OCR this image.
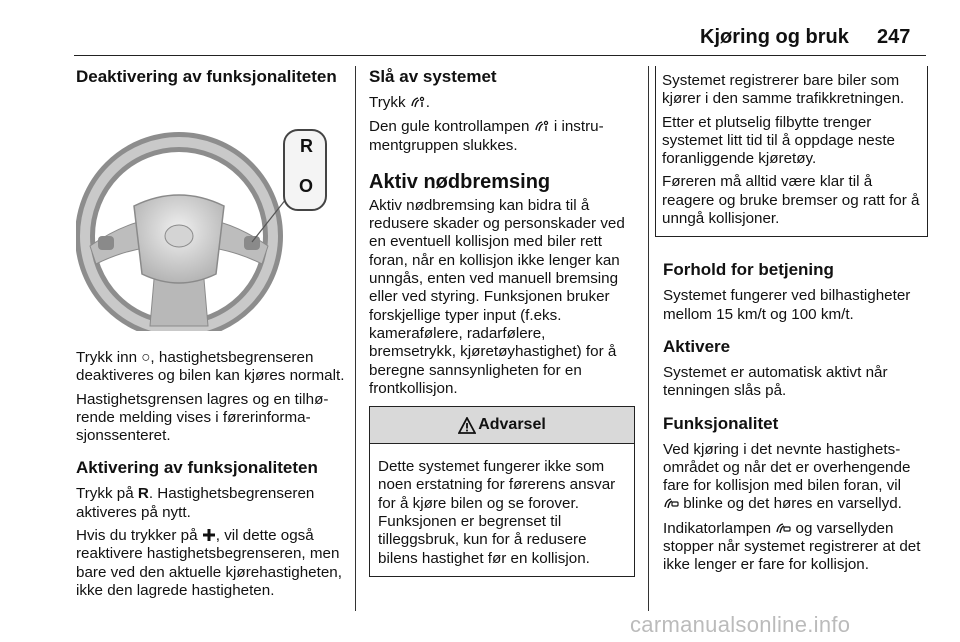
Kjøring og bruk 247
Deaktivering av funksjonaliteten
R
O

Trykk inn ○, hastighetsbegrenseren deaktiveres og bilen kan kjøres normalt.

Hastighetsgrensen lagres og en tilhørende melding vises i førerinformasjonssenteret.

Aktivering av funksjonaliteten

Trykk på R. Hastighetsbegrenseren aktiveres på nytt.

Hvis du trykker på , vil dette også reaktivere hastighetsbegrenseren, men bare ved den aktuelle kjørehastigheten, ikke den lagrede hastigheten.

Slå av systemet

Trykk .

Den gule kontrollampen  i instrumentgruppen slukkes.

Aktiv nødbremsing

Aktiv nødbremsing kan bidra til å redusere skader og personskader ved en eventuell kollisjon med biler rett foran, når en kollisjon ikke lenger kan unngås, enten ved manuell bremsing eller ved styring. Funksjonen bruker forskjellige typer input (f.eks. kamerafølere, radarfølere, bremsetrykk, kjøretøyhastighet) for å beregne sannsynligheten for en frontkollisjon.

Advarsel

Dette systemet fungerer ikke som noen erstatning for førerens ansvar for å kjøre bilen og se forover. Funksjonen er begrenset til tilleggsbruk, kun for å redusere bilens hastighet før en kollisjon.

Systemet registrerer bare biler som kjører i den samme trafikkretningen.

Etter et plutselig filbytte trenger systemet litt tid til å oppdage neste foranliggende kjøretøy.

Føreren må alltid være klar til å reagere og bruke bremser og ratt for å unngå kollisjoner.

Forhold for betjening

Systemet fungerer ved bilhastigheter mellom 15 km/t og 100 km/t.

Aktivere

Systemet er automatisk aktivt når tenningen slås på.

Funksjonalitet

Ved kjøring i det nevnte hastighetsområdet og når det er overhengende fare for kollisjon med bilen foran, vil
blinke og det høres en varsellyd.

Indikatorlampen  og varsellyden stopper når systemet registrerer at det ikke lenger er fare for kollisjon.

carmanualsonline.info
